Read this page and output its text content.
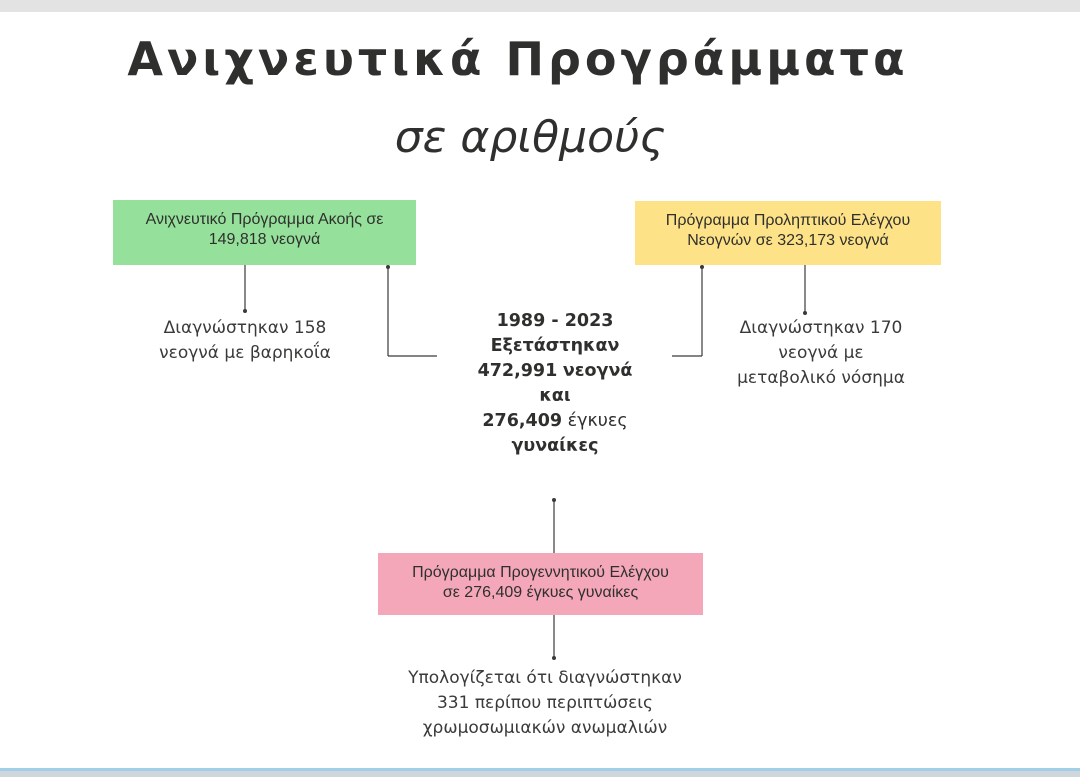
Ανιχνευτικά Προγράμματα
σε αριθμούς
Ανιχνευτικό Πρόγραμμα Ακοής σε
149,818 νεογνά
Πρόγραμμα Προληπτικού Ελέγχου
Νεογνών σε 323,173 νεογνά
Διαγνώστηκαν 158
νεογνά με βαρηκοΐα
Διαγνώστηκαν 170
νεογνά με
μεταβολικό νόσημα
1989 - 2023
Εξετάστηκαν
472,991 νεογνά
και
276,409 έγκυες
γυναίκες
Πρόγραμμα Προγεννητικού Ελέγχου
σε 276,409 έγκυες γυναίκες
Υπολογίζεται ότι διαγνώστηκαν
331 περίπου περιπτώσεις
χρωμοσωμιακών ανωμαλιών
